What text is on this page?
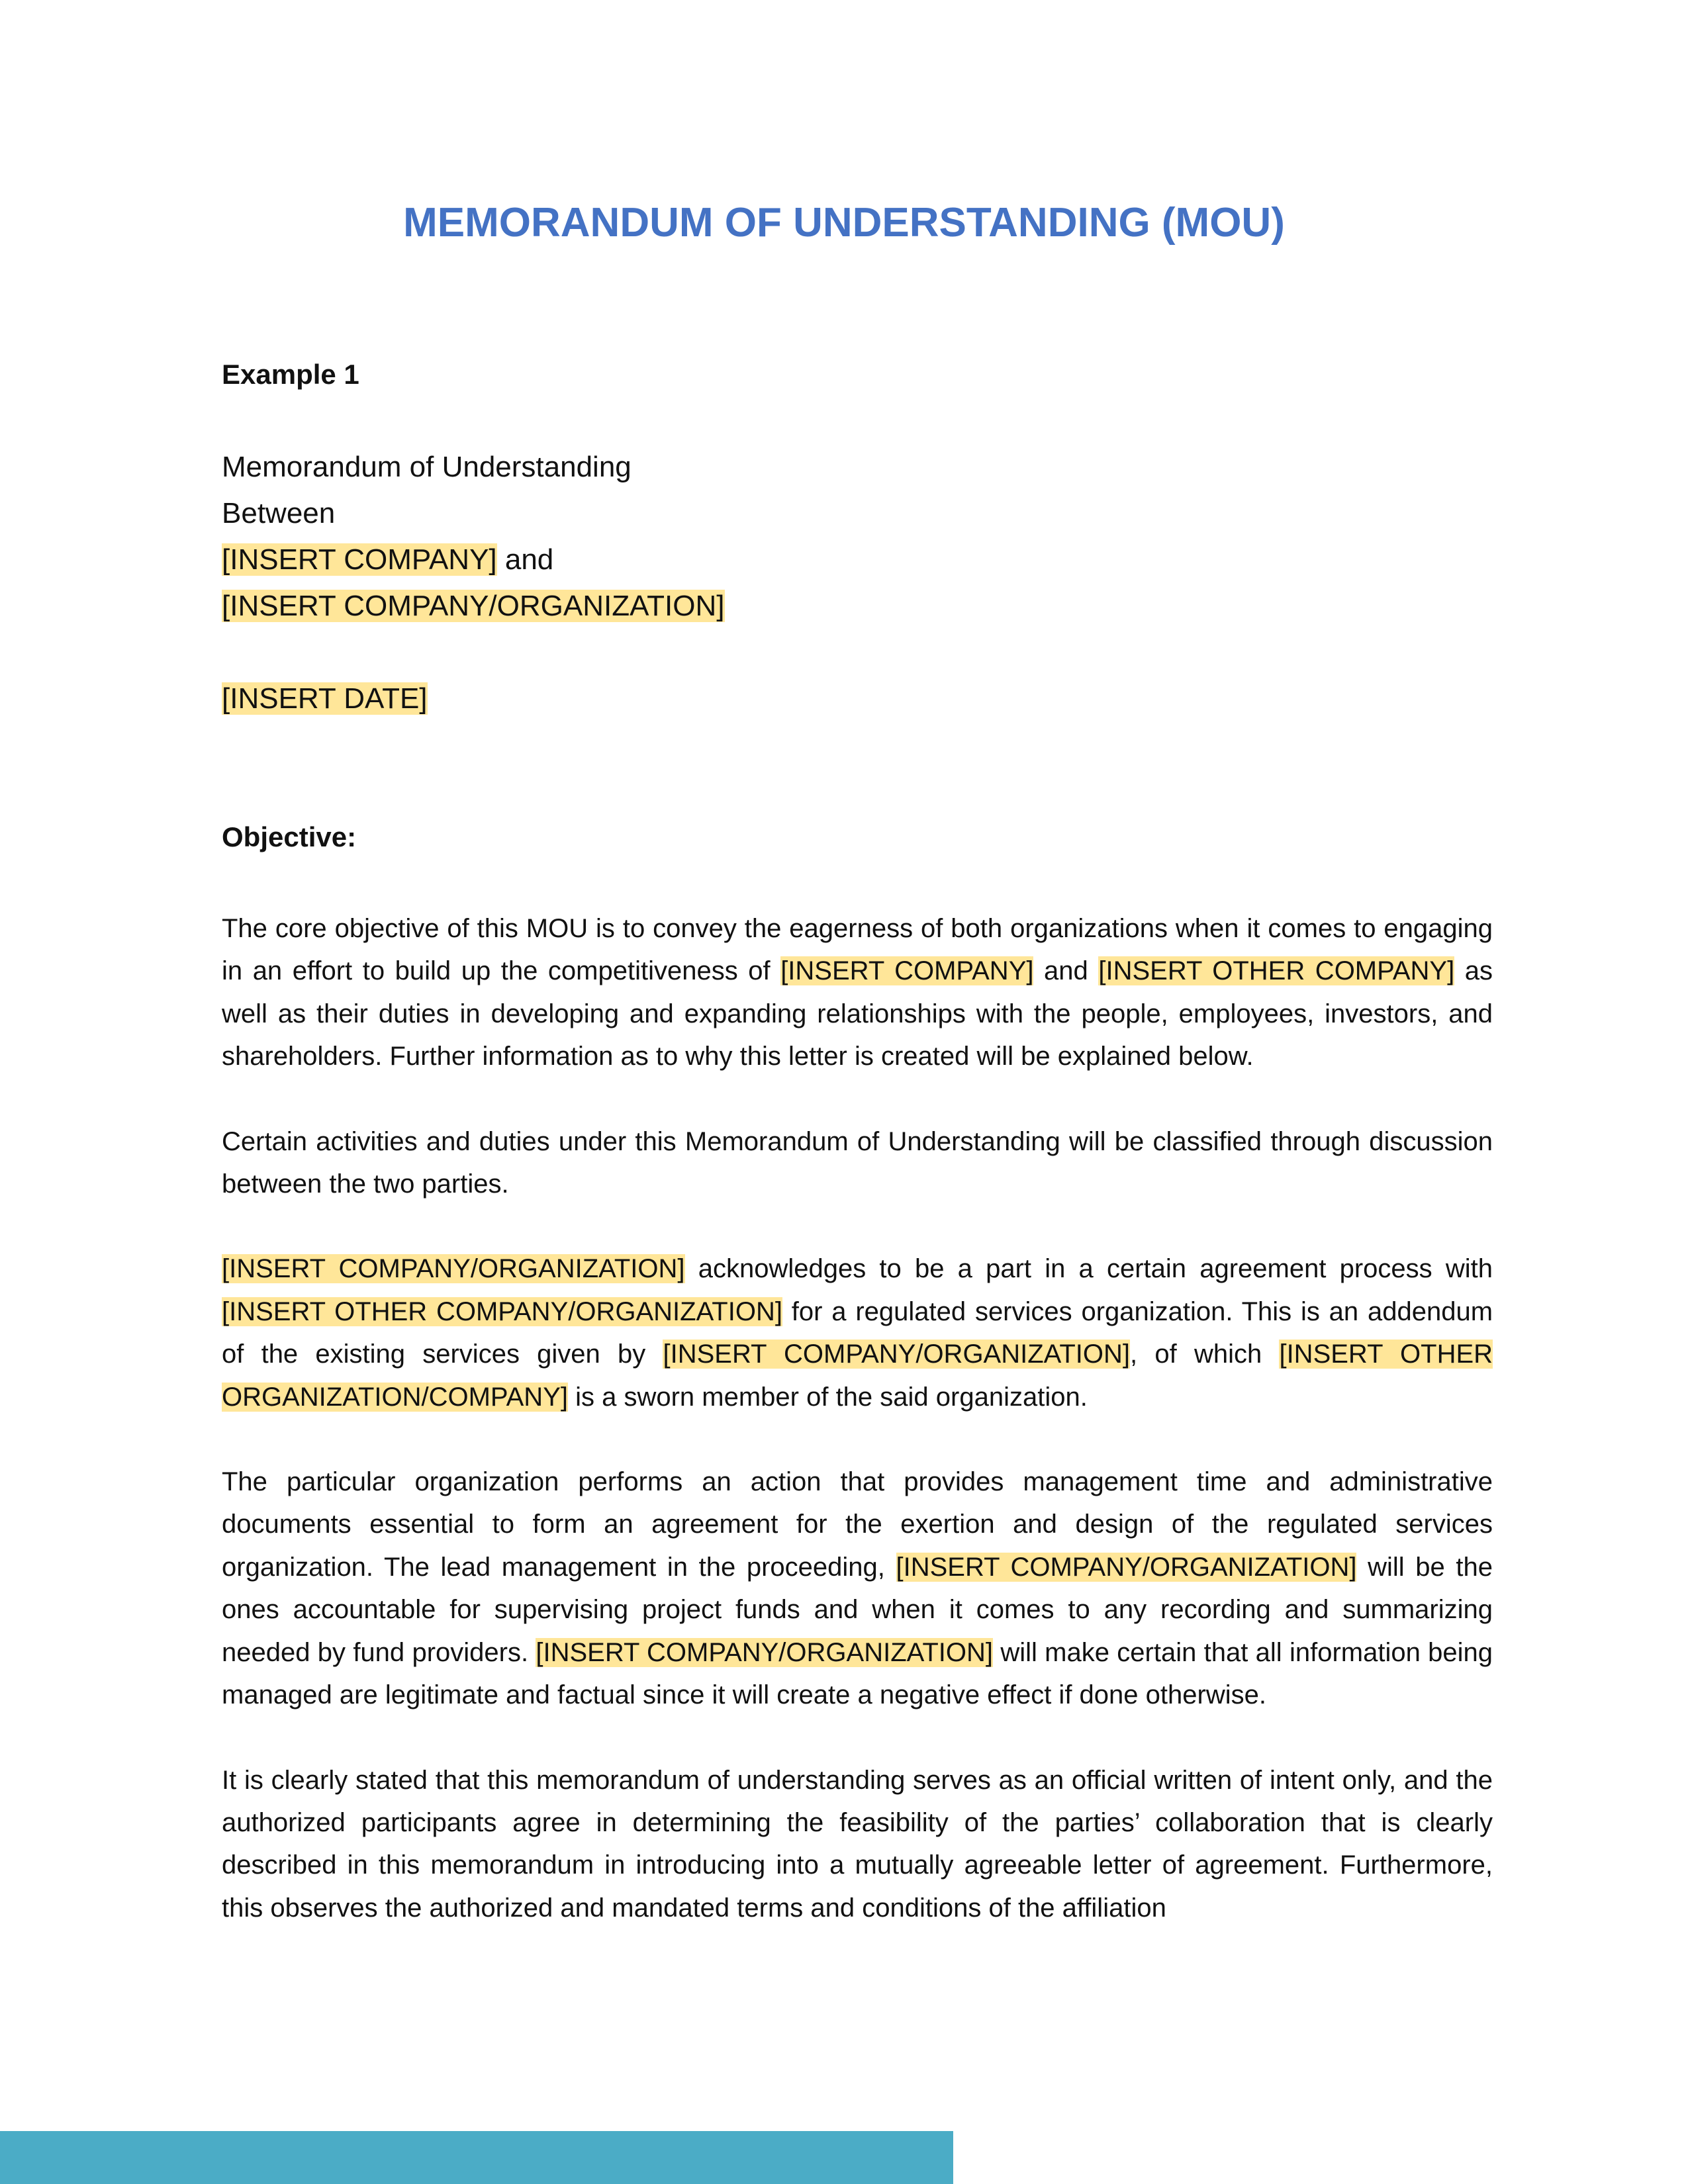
MEMORANDUM OF UNDERSTANDING (MOU)
Example 1
Memorandum of Understanding
Between
[INSERT COMPANY] and
[INSERT COMPANY/ORGANIZATION]
[INSERT DATE]
Objective:

The core objective of this MOU is to convey the eagerness of both organizations when it comes to engaging in an effort to build up the competitiveness of [INSERT COMPANY] and [INSERT OTHER COMPANY] as well as their duties in developing and expanding relationships with the people, employees, investors, and shareholders. Further information as to why this letter is created will be explained below.

Certain activities and duties under this Memorandum of Understanding will be classified through discussion between the two parties.

[INSERT COMPANY/ORGANIZATION] acknowledges to be a part in a certain agreement process with [INSERT OTHER COMPANY/ORGANIZATION] for a regulated services organization. This is an addendum of the existing services given by [INSERT COMPANY/ORGANIZATION], of which [INSERT OTHER ORGANIZATION/COMPANY] is a sworn member of the said organization.

The particular organization performs an action that provides management time and administrative documents essential to form an agreement for the exertion and design of the regulated services organization. The lead management in the proceeding, [INSERT COMPANY/ORGANIZATION] will be the ones accountable for supervising project funds and when it comes to any recording and summarizing needed by fund providers. [INSERT COMPANY/ORGANIZATION] will make certain that all information being managed are legitimate and factual since it will create a negative effect if done otherwise.

It is clearly stated that this memorandum of understanding serves as an official written of intent only, and the authorized participants agree in determining the feasibility of the parties’ collaboration that is clearly described in this memorandum in introducing into a mutually agreeable letter of agreement. Furthermore, this observes the authorized and mandated terms and conditions of the affiliation
